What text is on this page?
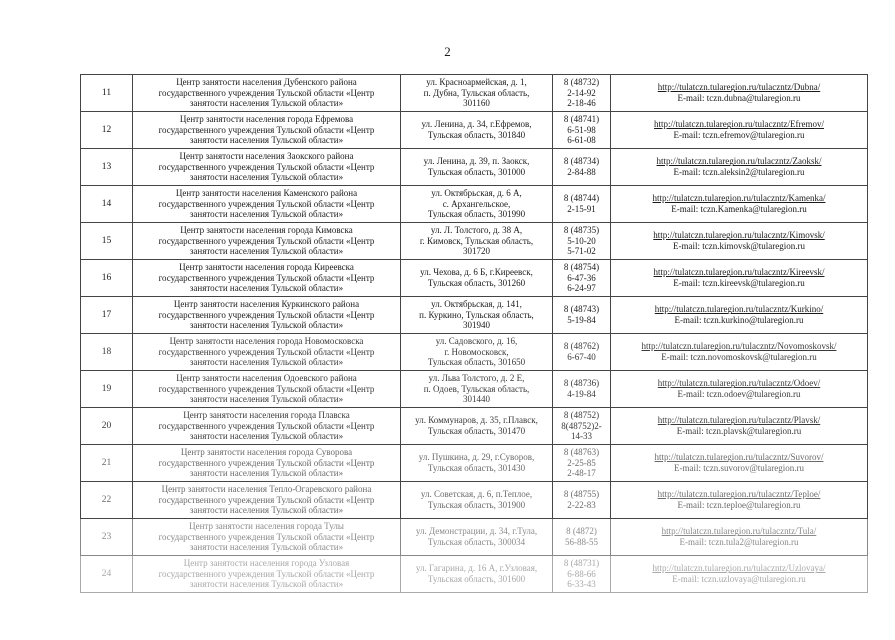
2
11	Центр занятости населения Дубенского района
государственного учреждения Тульской области «Центр
занятости населения Тульской области»	ул. Красноармейская, д. 1,
п. Дубна, Тульская область,
301160	8 (48732)
2-14-92
2-18-46	http://tulatczn.tularegion.ru/tulaczntz/Dubna/
E-mail: tczn.dubna@tularegion.ru

12	Центр занятости населения города Ефремова
государственного учреждения Тульской области «Центр
занятости населения Тульской области»	ул. Ленина, д. 34, г.Ефремов,
Тульская область, 301840	8 (48741)
6-51-98
6-61-08	http://tulatczn.tularegion.ru/tulaczntz/Efremov/
E-mail: tczn.efremov@tularegion.ru

13	Центр занятости населения Заокского района
государственного учреждения Тульской области «Центр
занятости населения Тульской области»	ул. Ленина, д. 39, п. Заокск,
Тульская область, 301000	8 (48734)
2-84-88	http://tulatczn.tularegion.ru/tulaczntz/Zaoksk/
E-mail: tczn.aleksin2@tularegion.ru

14	Центр занятости населения Каменского района
государственного учреждения Тульской области «Центр
занятости населения Тульской области»	ул. Октябрьская, д. 6 А,
с. Архангельское,
Тульская область, 301990	8 (48744)
2-15-91	http://tulatczn.tularegion.ru/tulaczntz/Kamenka/
E-mail: tczn.Kamenka@tularegion.ru

15	Центр занятости населения города Кимовска
государственного учреждения Тульской области «Центр
занятости населения Тульской области»	ул. Л. Толстого, д. 38 А,
г. Кимовск, Тульская область,
301720	8 (48735)
5-10-20
5-71-02	http://tulatczn.tularegion.ru/tulaczntz/Kimovsk/
E-mail: tczn.kimovsk@tularegion.ru

16	Центр занятости населения города Киреевска
государственного учреждения Тульской области «Центр
занятости населения Тульской области»	ул. Чехова, д. 6 Б, г.Киреевск,
Тульская область, 301260	8 (48754)
6-47-36
6-24-97	http://tulatczn.tularegion.ru/tulaczntz/Kireevsk/
E-mail: tczn.kireevsk@tularegion.ru

17	Центр занятости населения Куркинского района
государственного учреждения Тульской области «Центр
занятости населения Тульской области»	ул. Октябрьская, д. 141,
п. Куркино, Тульская область,
301940	8 (48743)
5-19-84	http://tulatczn.tularegion.ru/tulaczntz/Kurkino/
E-mail: tczn.kurkino@tularegion.ru

18	Центр занятости населения города Новомосковска
государственного учреждения Тульской области «Центр
занятости населения Тульской области»	ул. Садовского, д. 16,
г. Новомосковск,
Тульская область, 301650	8 (48762)
6-67-40	http://tulatczn.tularegion.ru/tulaczntz/Novomoskovsk/
E-mail: tczn.novomoskovsk@tularegion.ru

19	Центр занятости населения Одоевского района
государственного учреждения Тульской области «Центр
занятости населения Тульской области»	ул. Льва Толстого, д. 2 Е,
п. Одоев, Тульская область,
301440	8 (48736)
4-19-84	http://tulatczn.tularegion.ru/tulaczntz/Odoev/
E-mail: tczn.odoev@tularegion.ru

20	Центр занятости населения города Плавска
государственного учреждения Тульской области «Центр
занятости населения Тульской области»	ул. Коммунаров, д. 35, г.Плавск,
Тульская область, 301470	8 (48752)
8(48752)2-
14-33	http://tulatczn.tularegion.ru/tulaczntz/Plavsk/
E-mail: tczn.plavsk@tularegion.ru

21	Центр занятости населения города Суворова
государственного учреждения Тульской области «Центр
занятости населения Тульской области»	ул. Пушкина, д. 29, г.Суворов,
Тульская область, 301430	8 (48763)
2-25-85
2-48-17	http://tulatczn.tularegion.ru/tulaczntz/Suvorov/
E-mail: tczn.suvorov@tularegion.ru

22	Центр занятости населения Тепло-Огаревского района
государственного учреждения Тульской области «Центр
занятости населения Тульской области»	ул. Советская, д. 6, п.Теплое,
Тульская область, 301900	8 (48755)
2-22-83	http://tulatczn.tularegion.ru/tulaczntz/Teploe/
E-mail: tczn.teploe@tularegion.ru

23	Центр занятости населения города Тулы
государственного учреждения Тульской области «Центр
занятости населения Тульской области»	ул. Демонстрации, д. 34, г.Тула,
Тульская область, 300034	8 (4872)
56-88-55	http://tulatczn.tularegion.ru/tulaczntz/Tula/
E-mail: tczn.tula2@tularegion.ru

24	Центр занятости населения города Узловая
государственного учреждения Тульской области «Центр
занятости населения Тульской области»	ул. Гагарина, д. 16 А, г.Узловая,
Тульская область, 301600	8 (48731)
6-88-66
6-33-43	http://tulatczn.tularegion.ru/tulaczntz/Uzlovaya/
E-mail: tczn.uzlovaya@tularegion.ru
